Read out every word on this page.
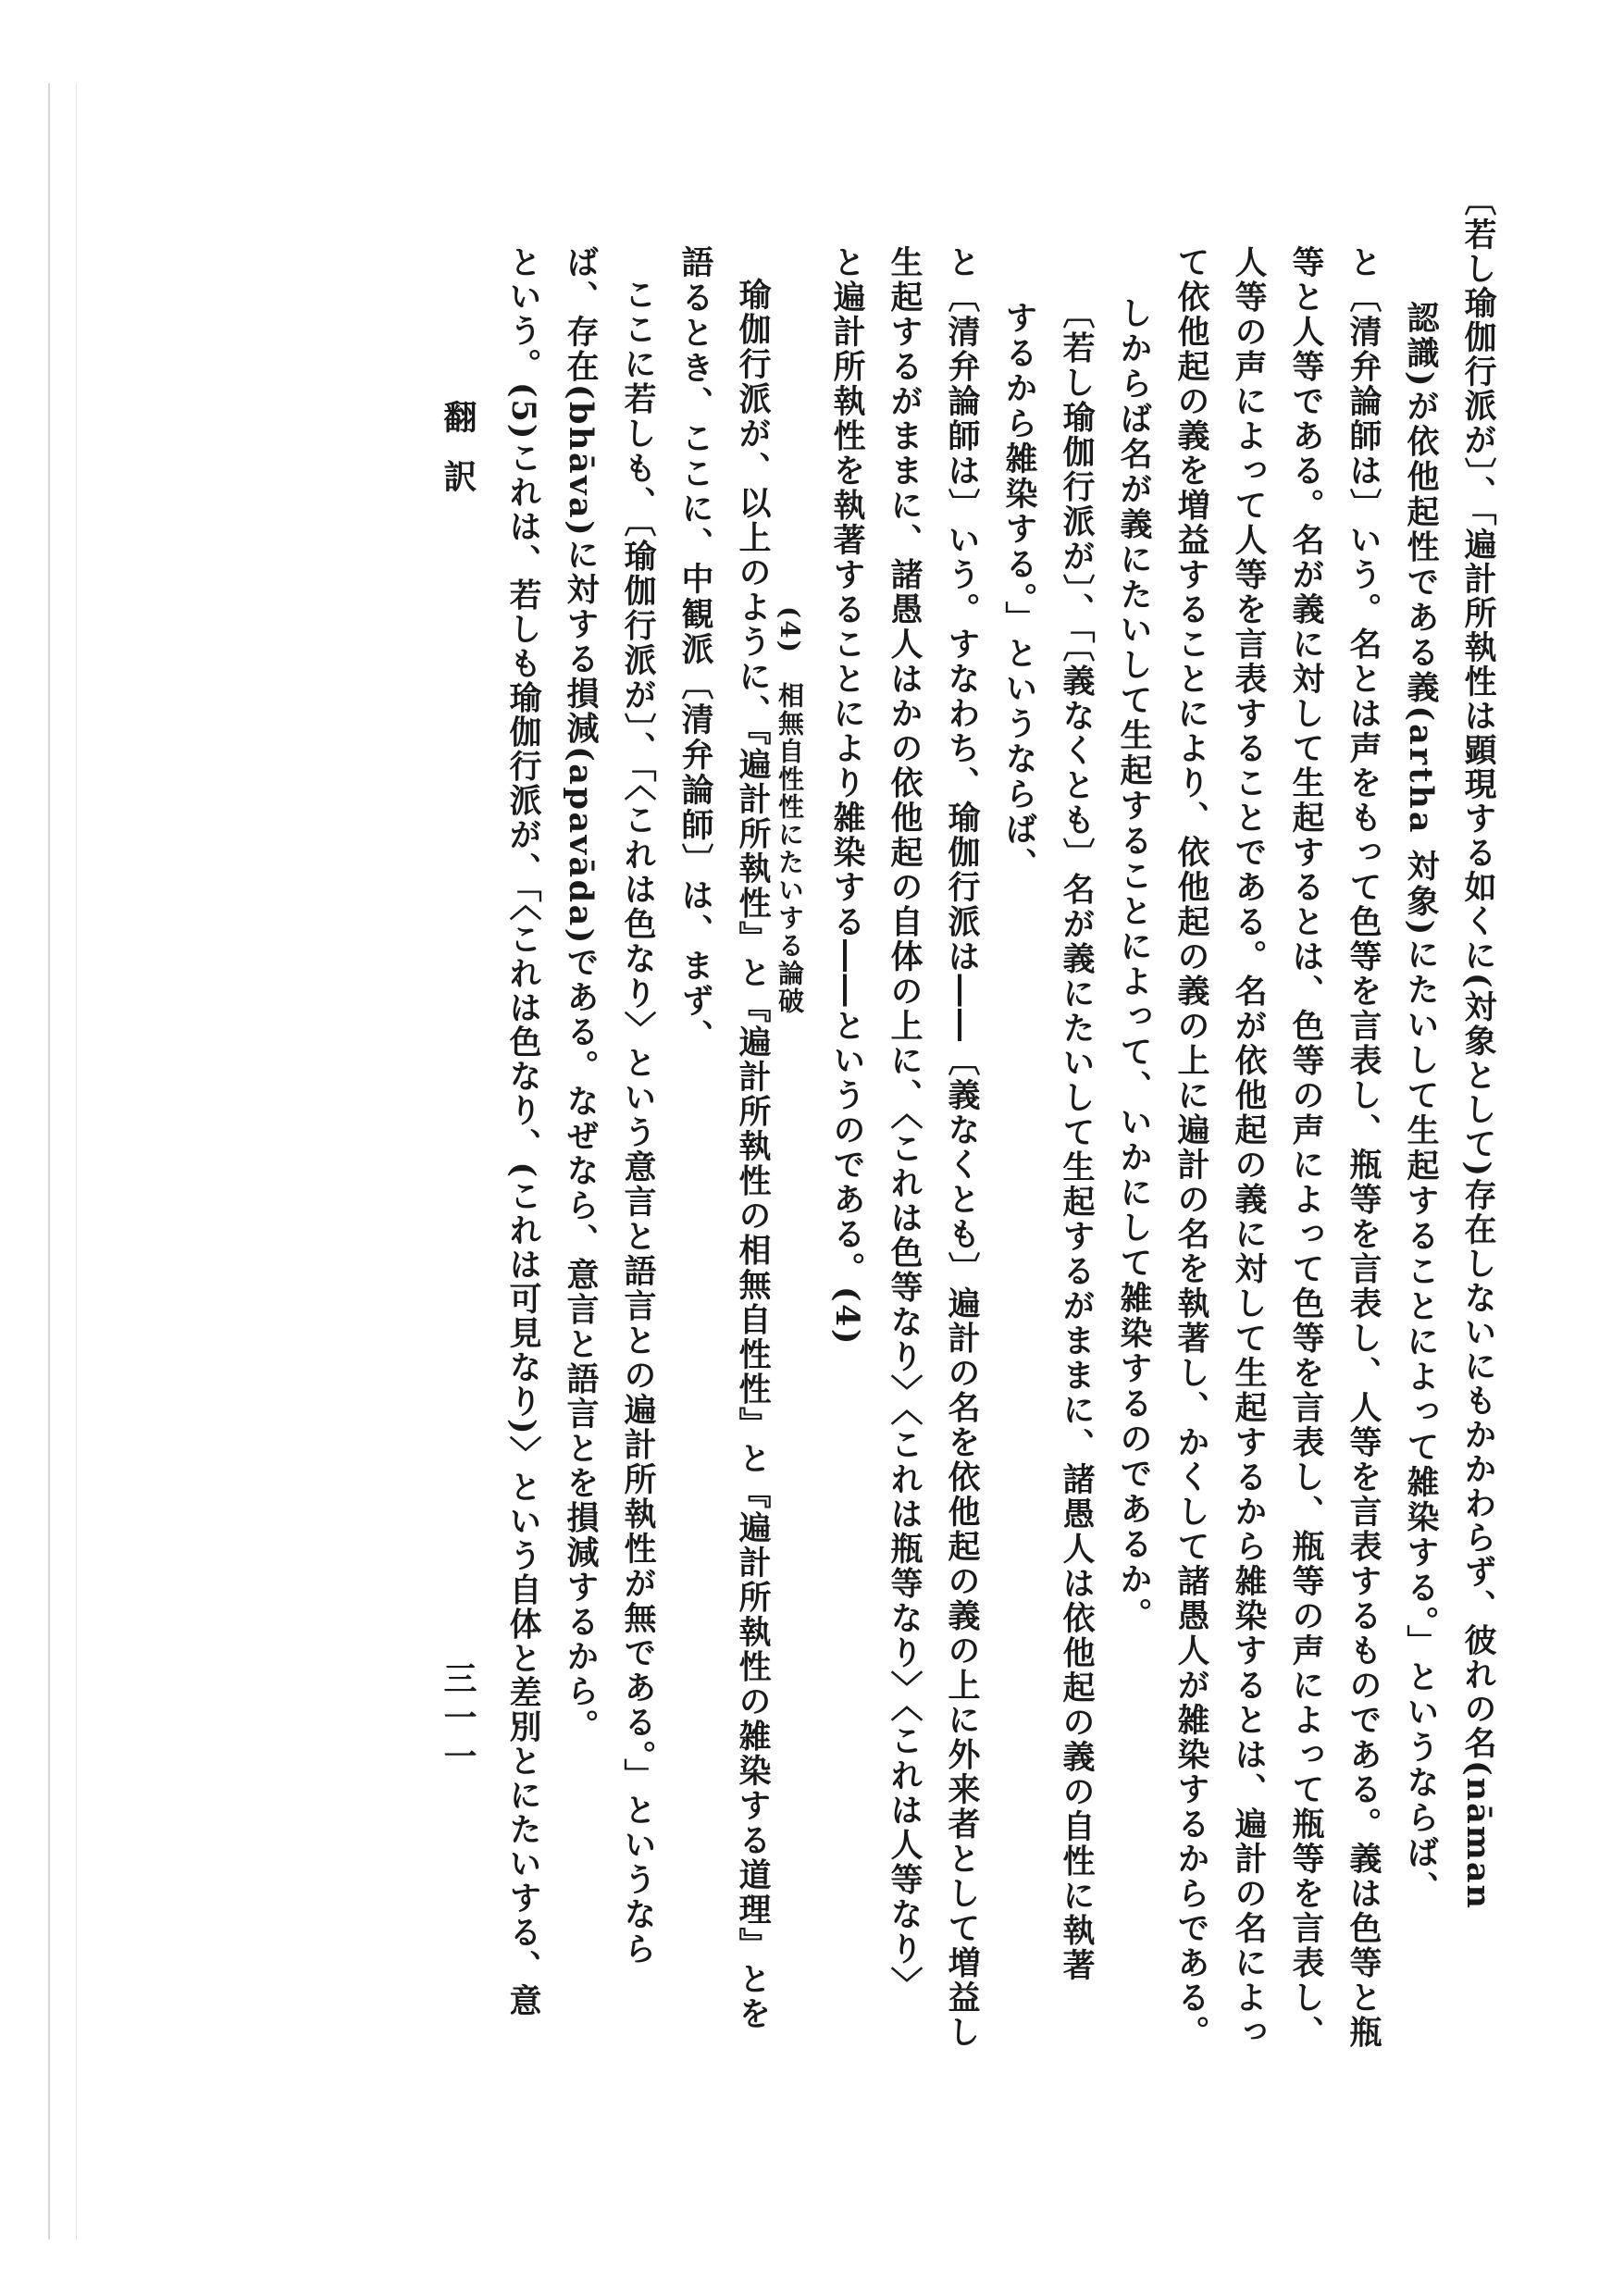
〔若し瑜伽行派が〕、「遍計所執性は顕現する如くに(対象として)存在しないにもかかわらず、彼れの名(nāman
認識)が依他起性である義(artha 対象)にたいして生起することによって雑染する。」というならば、
と〔清弁論師は〕いう。名とは声をもって色等を言表し、瓶等を言表し、人等を言表するものである。義は色等と瓶
等と人等である。名が義に対して生起するとは、色等の声によって色等を言表し、瓶等の声によって瓶等を言表し、
人等の声によって人等を言表することである。名が依他起の義に対して生起するから雑染するとは、遍計の名によっ
て依他起の義を増益することにより、依他起の義の上に遍計の名を執著し、かくして諸愚人が雑染するからである。
しからば名が義にたいして生起することによって、いかにして雑染するのであるか。
〔若し瑜伽行派が〕、「〔義なくとも〕名が義にたいして生起するがままに、諸愚人は依他起の義の自性に執著
するから雑染する。」というならば、
と〔清弁論師は〕いう。すなわち、瑜伽行派は――〔義なくとも〕遍計の名を依他起の義の上に外来者として増益し
生起するがままに、諸愚人はかの依他起の自体の上に、〈これは色等なり〉〈これは瓶等なり〉〈これは人等なり〉
と遍計所執性を執著することにより雑染する――というのである。(4)
(4)　相無自性性にたいする論破
瑜伽行派が、以上のように、『遍計所執性』と『遍計所執性の相無自性性』と『遍計所執性の雑染する道理』とを
語るとき、ここに、中観派〔清弁論師〕は、まず、
ここに若しも、〔瑜伽行派が〕、「〈これは色なり〉という意言と語言との遍計所執性が無である。」というなら
ば、存在(bhāva)に対する損減(apavāda)である。なぜなら、意言と語言とを損減するから。
という。(5)これは、若しも瑜伽行派が、「〈これは色なり、(これは可見なり)〉という自体と差別とにたいする、意
翻訳
三一一
